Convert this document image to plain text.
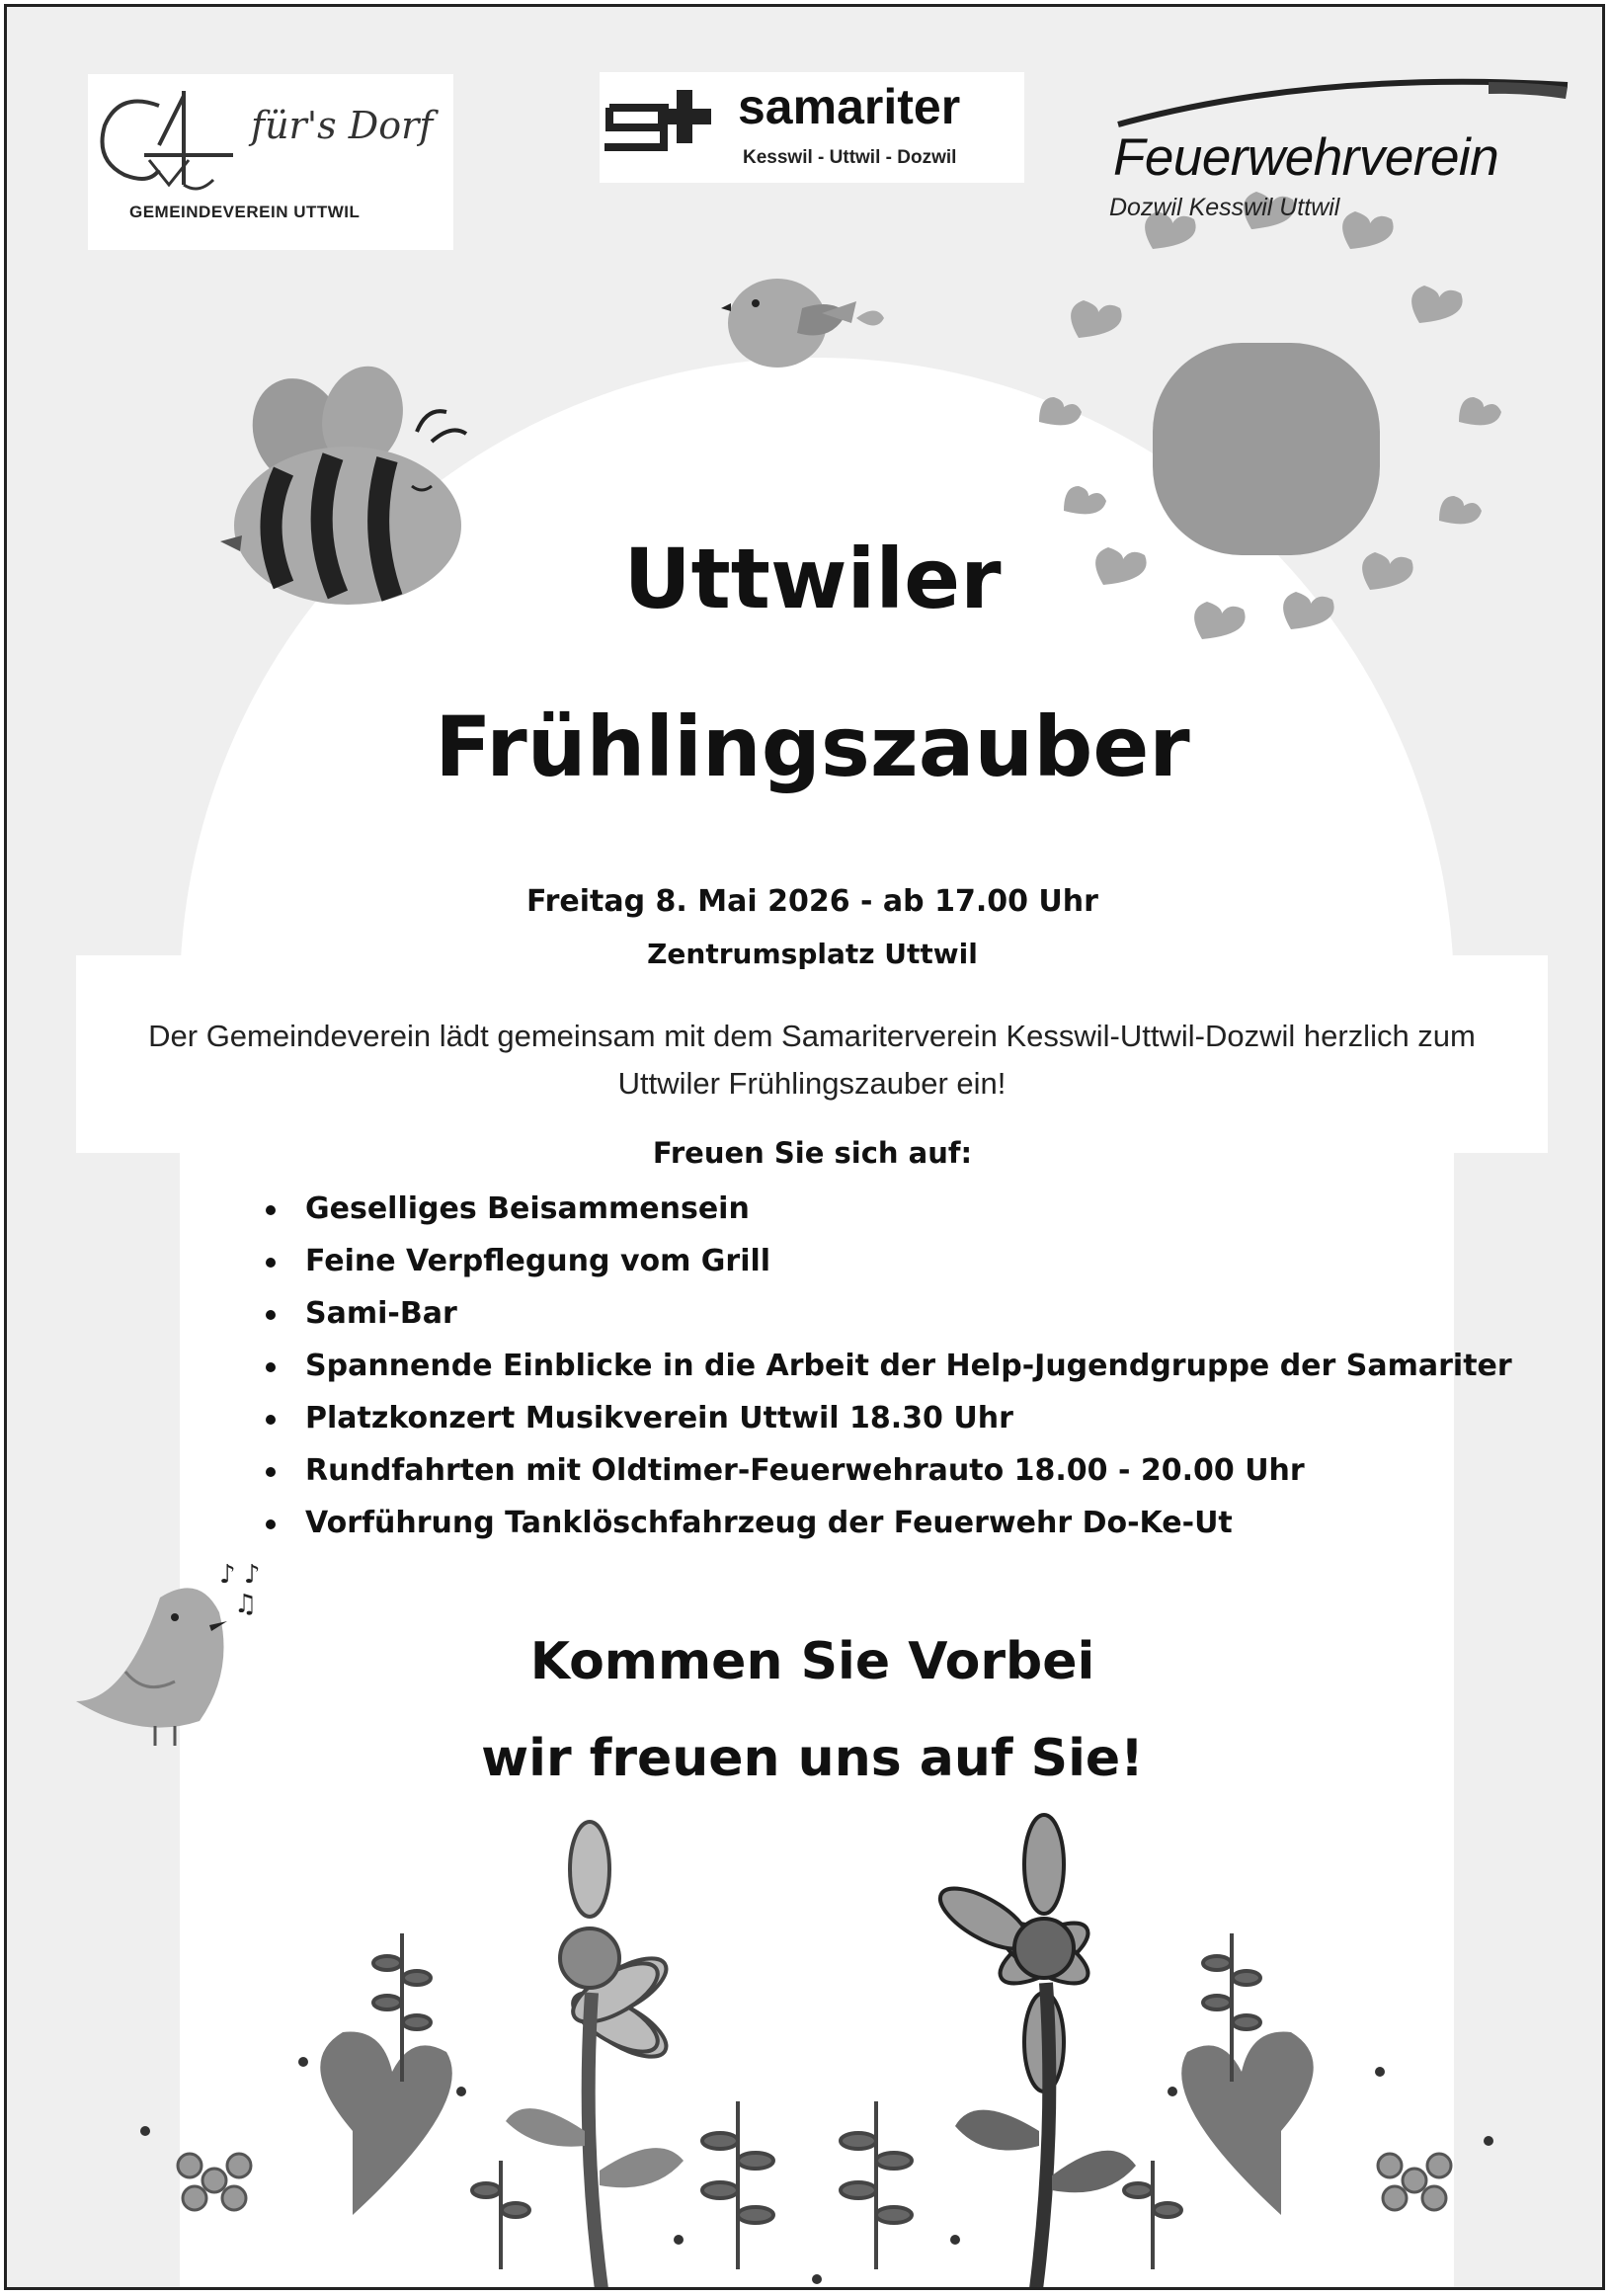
♪ ♪
♫
für's Dorf
GEMEINDEVEREIN UTTWIL
samariter
Kesswil - Uttwil - Dozwil	Feuerwehrverein
Dozwil Kesswil Uttwil
Uttwiler
Frühlingszauber
Freitag 8. Mai 2026 - ab 17.00 Uhr
Zentrumsplatz Uttwil
Der Gemeindeverein lädt gemeinsam mit dem Samariterverein Kesswil-Uttwil-Dozwil herzlich zum Uttwiler Frühlingszauber ein!
Freuen Sie sich auf:
Geselliges Beisammensein
Feine Verpflegung vom Grill
Sami-Bar
Spannende Einblicke in die Arbeit der Help-Jugendgruppe der Samariter
Platzkonzert Musikverein Uttwil 18.30 Uhr
Rundfahrten mit Oldtimer-Feuerwehrauto 18.00 - 20.00 Uhr
Vorführung Tanklöschfahrzeug der Feuerwehr Do-Ke-Ut
Kommen Sie Vorbei
wir freuen uns auf Sie!
